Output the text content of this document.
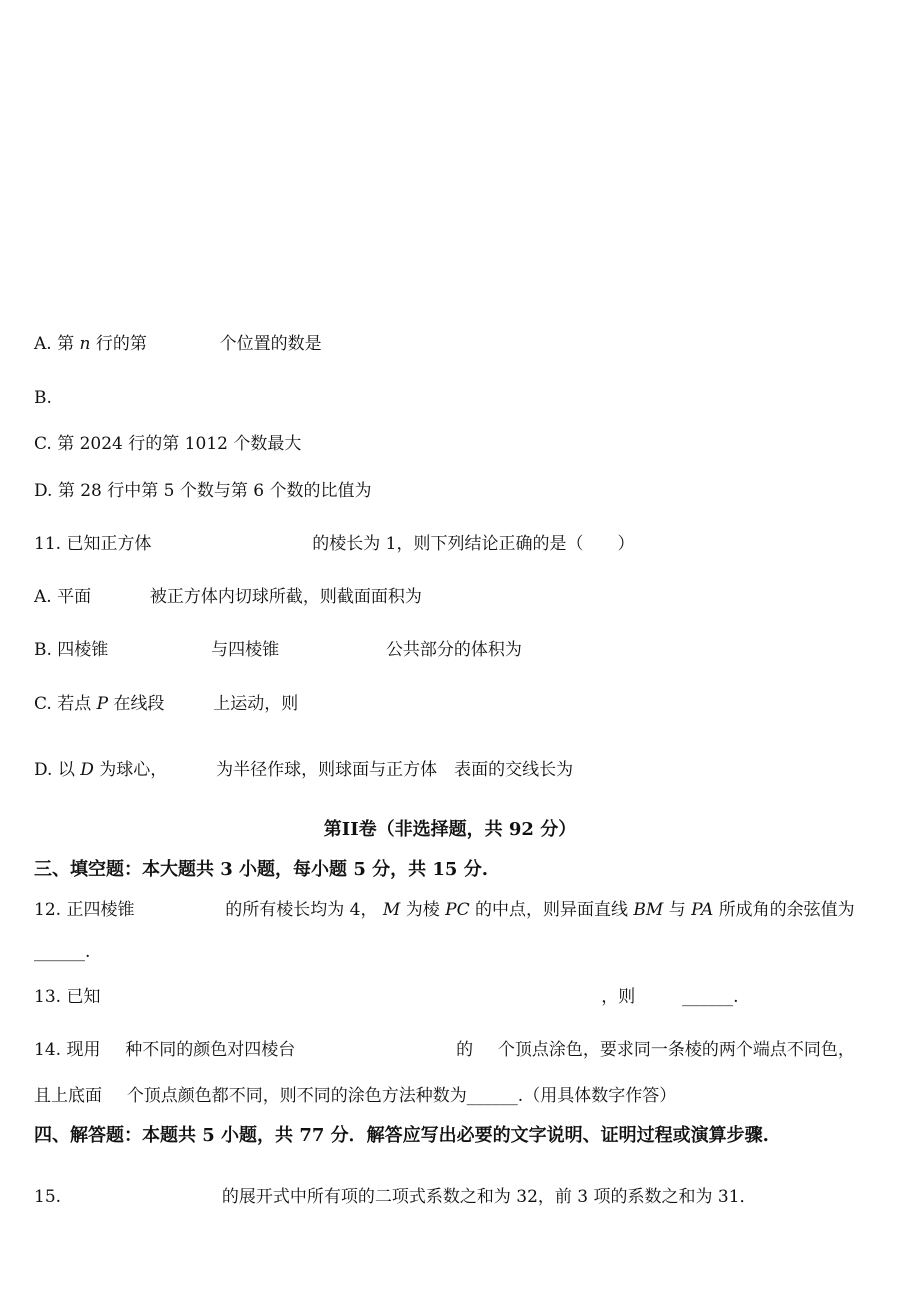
A. 第 n 行的第	个位置的数是
B.
C. 第 2024 行的第 1012 个数最大
D. 第 28 行中第 5 个数与第 6 个数的比值为
11. 已知正方体	的棱长为 1，则下列结论正确的是（　　）
A. 平面	被正方体内切球所截，则截面面积为
B. 四棱锥	与四棱锥	公共部分的体积为
C. 若点 P 在线段	上运动，则
D. 以 D 为球心，	为半径作球，则球面与正方体　表面的交线长为
第II卷（非选择题，共 92 分）
三、填空题：本大题共 3 小题，每小题 5 分，共 15 分.
12. 正四棱锥	的所有棱长均为 4， M 为棱 PC 的中点，则异面直线 BM 与 PA 所成角的余弦值为
______.
13. 已知	，则	______.
14. 现用 种不同的颜色对四棱台	的 个顶点涂色，要求同一条棱的两个端点不同色，
且上底面 个顶点颜色都不同，则不同的涂色方法种数为______.（用具体数字作答）
四、解答题：本题共 5 小题，共 77 分．解答应写出必要的文字说明、证明过程或演算步骤.
15.	的展开式中所有项的二项式系数之和为 32，前 3 项的系数之和为 31．
